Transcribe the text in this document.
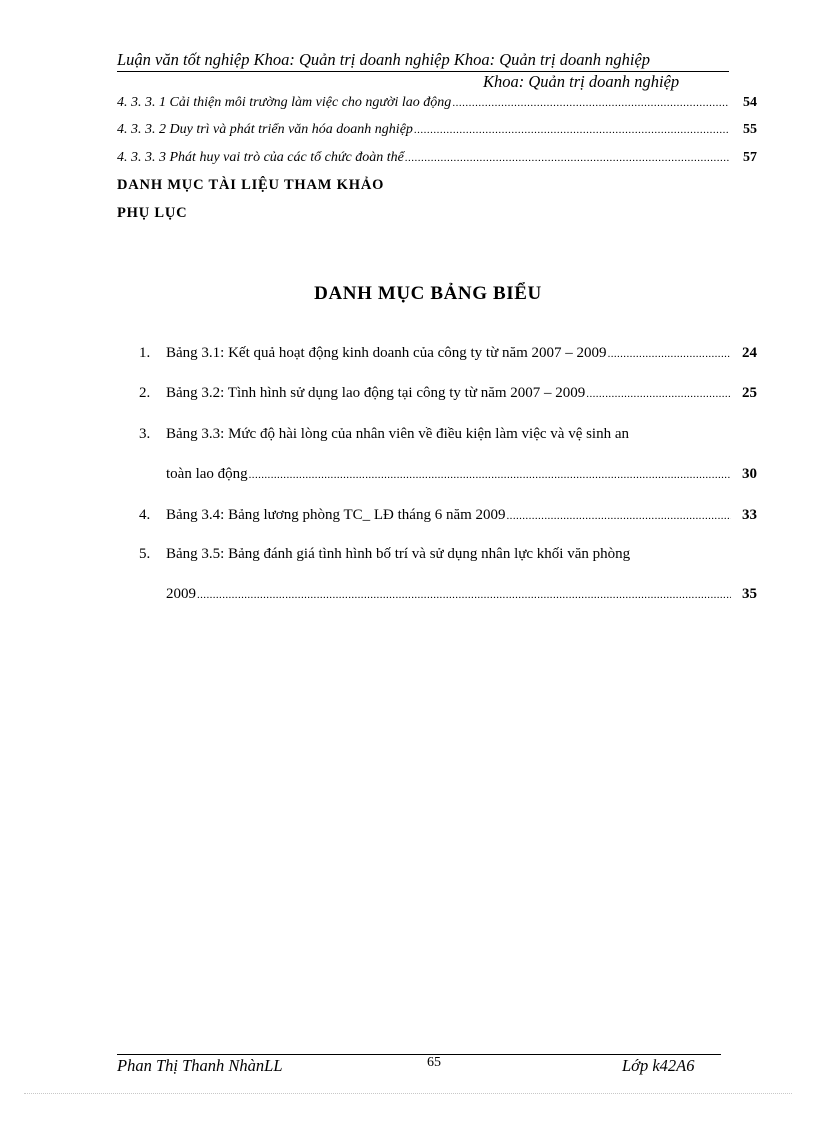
Luận văn tốt nghiệp Khoa: Quản trị doanh nghiệp Khoa: Quản trị doanh nghiệp
Khoa: Quản trị doanh nghiệp
4. 3. 3. 1 Cải thiện môi trường làm việc cho người lao động .....	54
4. 3. 3. 2 Duy trì và phát triển văn hóa doanh nghiệp .....	55
4. 3. 3. 3 Phát huy vai trò của các tổ chức đoàn thể .....	57
DANH MỤC TÀI LIỆU THAM KHẢO
PHỤ LỤC
DANH MỤC BẢNG BIỂU
1.	Bảng 3.1: Kết quả hoạt động kinh doanh của công ty từ năm 2007 – 2009 .....	24
2.	Bảng 3.2: Tình hình sử dụng lao động tại công ty từ năm 2007 – 2009 .....	25
3.	Bảng 3.3: Mức độ hài lòng của nhân viên về điều kiện làm việc và vệ sinh an
toàn lao động .....	30
4.	Bảng 3.4: Bảng lương phòng TC_ LĐ tháng 6 năm 2009 .....	33
5.	Bảng 3.5: Bảng đánh giá tình hình bố trí và sử dụng nhân lực khối văn phòng
2009 .....	35
Phan Thị Thanh NhànLL	65	Lớp k42A6
